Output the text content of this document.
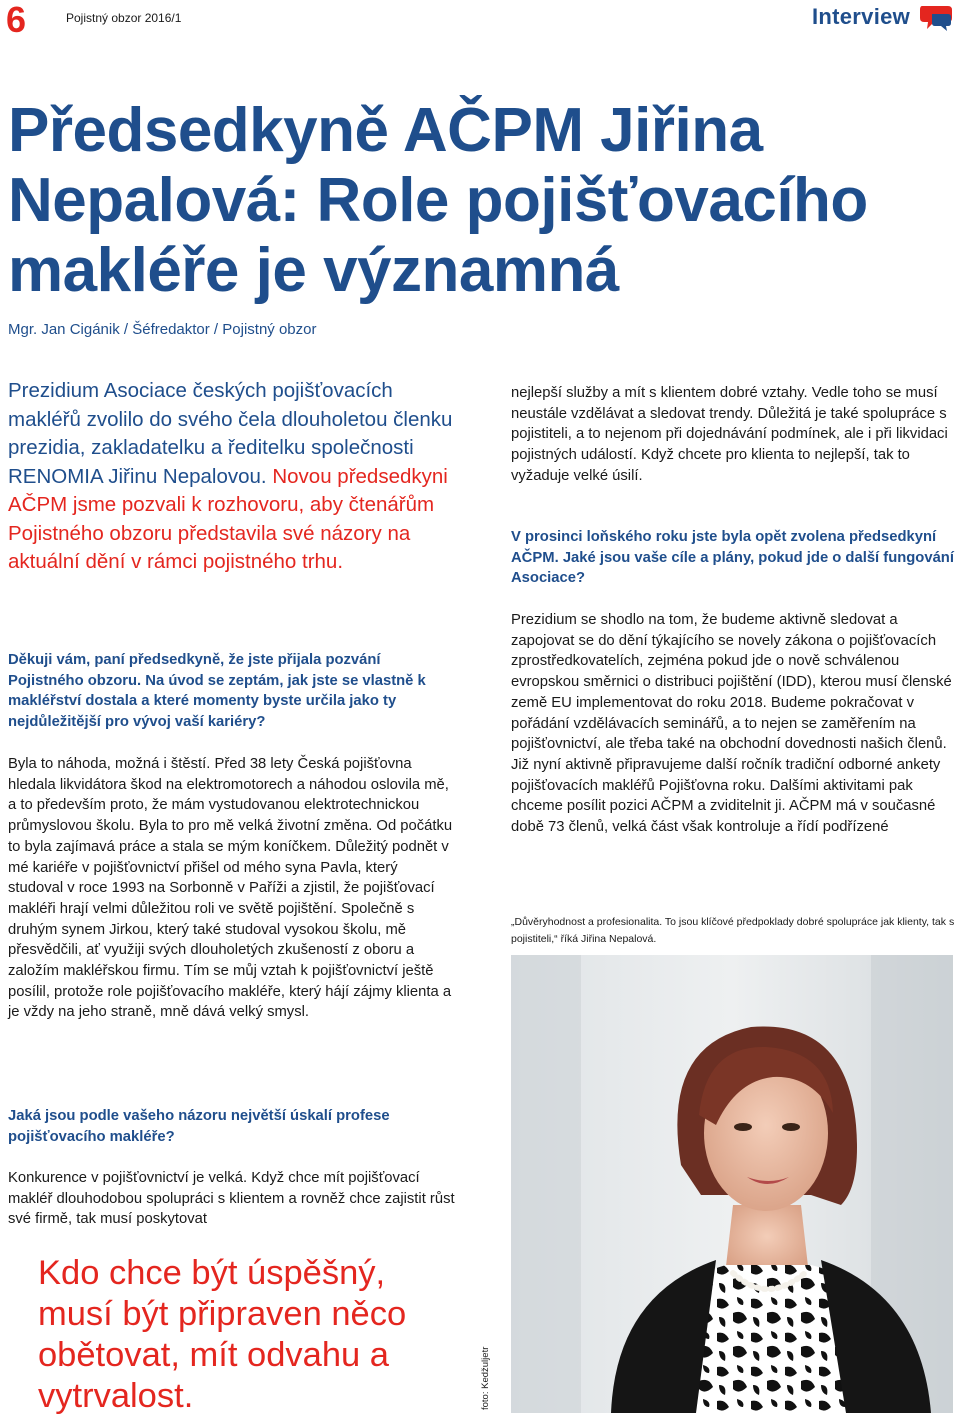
6	Pojistný obzor 2016/1	Interview
Předsedkyně AČPM Jiřina Nepalová: Role pojišťovacího makléře je významná
Mgr. Jan Cigánik / Šéfredaktor / Pojistný obzor
Prezidium Asociace českých pojišťovacích makléřů zvolilo do svého čela dlouholetou členku prezidia, zakladatelku a ředitelku společnosti RENOMIA Jiřinu Nepalovou. Novou předsedkyni AČPM jsme pozvali k rozhovoru, aby čtenářům Pojistného obzoru představila své názory na aktuální dění v rámci pojistného trhu.
Děkuji vám, paní předsedkyně, že jste přijala pozvání Pojistného obzoru. Na úvod se zeptám, jak jste se vlastně k makléřství dostala a které momenty byste určila jako ty nejdůležitější pro vývoj vaší kariéry?
Byla to náhoda, možná i štěstí. Před 38 lety Česká pojišťovna hledala likvidátora škod na elektromotorech a náhodou oslovila mě, a to především proto, že mám vystudovanou elektrotechnickou průmyslovou školu. Byla to pro mě velká životní změna. Od počátku to byla zajímavá práce a stala se mým koníčkem. Důležitý podnět v mé kariéře v pojišťovnictví přišel od mého syna Pavla, který studoval v roce 1993 na Sorbonně v Paříži a zjistil, že pojišťovací makléři hrají velmi důležitou roli ve světě pojištění. Společně s druhým synem Jirkou, který také studoval vysokou školu, mě přesvědčili, ať využiji svých dlouholetých zkušeností z oboru a založím makléřskou firmu. Tím se můj vztah k pojišťovnictví ještě posílil, protože role pojišťovacího makléře, který hájí zájmy klienta a je vždy na jeho straně, mně dává velký smysl.
Jaká jsou podle vašeho názoru největší úskalí profese pojišťovacího makléře?
Konkurence v pojišťovnictví je velká. Když chce mít pojišťovací makléř dlouhodobou spolupráci s klientem a rovněž chce zajistit růst své firmě, tak musí poskytovat
Kdo chce být úspěšný, musí být připraven něco obětovat, mít odvahu a vytrvalost.
nejlepší služby a mít s klientem dobré vztahy. Vedle toho se musí neustále vzdělávat a sledovat trendy. Důležitá je také spolupráce s pojistiteli, a to nejenom při dojednávání podmínek, ale i při likvidaci pojistných událostí. Když chcete pro klienta to nejlepší, tak to vyžaduje velké úsilí.
V prosinci loňského roku jste byla opět zvolena předsedkyní AČPM. Jaké jsou vaše cíle a plány, pokud jde o další fungování Asociace?
Prezidium se shodlo na tom, že budeme aktivně sledovat a zapojovat se do dění týkajícího se novely zákona o pojišťovacích zprostředkovatelích, zejména pokud jde o nově schválenou evropskou směrnici o distribuci pojištění (IDD), kterou musí členské země EU implementovat do roku 2018. Budeme pokračovat v pořádání vzdělávacích seminářů, a to nejen se zaměřením na pojišťovnictví, ale třeba také na obchodní dovednosti našich členů. Již nyní aktivně připravujeme další ročník tradiční odborné ankety pojišťovacích makléřů Pojišťovna roku. Dalšími aktivitami pak chceme posílit pozici AČPM a zviditelnit ji. AČPM má v současné době 73 členů, velká část však kontroluje a řídí podřízené
„Důvěryhodnost a profesionalita. To jsou klíčové předpoklady dobré spolupráce jak klienty, tak s pojistiteli,“ říká Jiřina Nepalová.
foto: Kedžuljetr
